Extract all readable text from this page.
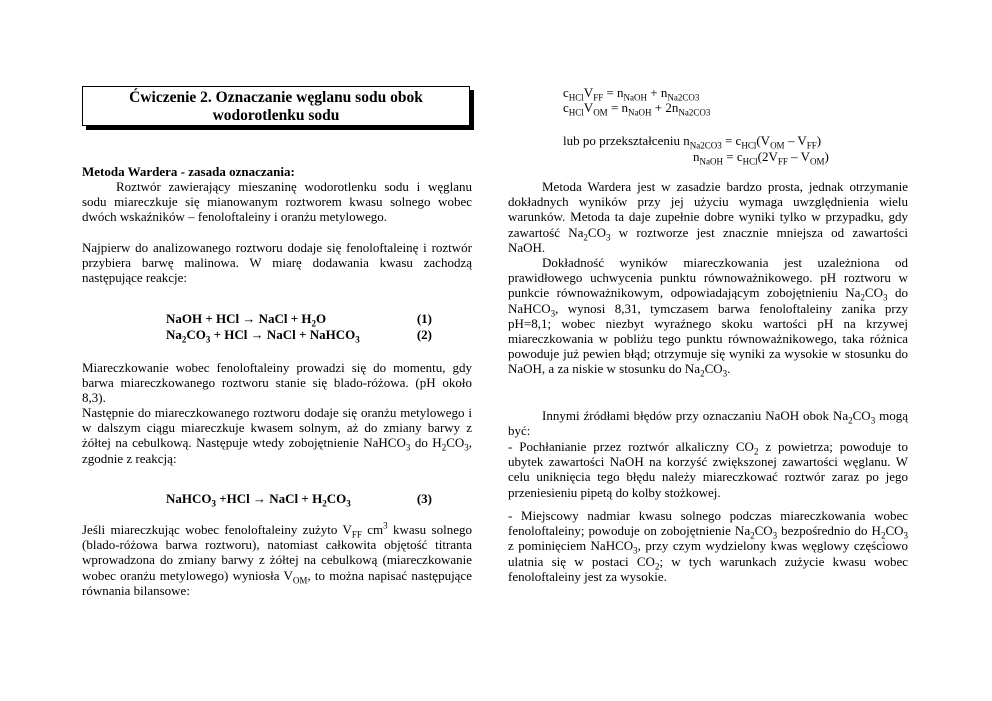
Ćwiczenie 2. Oznaczanie węglanu sodu obok
wodorotlenku sodu

Metoda Wardera - zasada oznaczania:

Roztwór zawierający mieszaninę wodorotlenku sodu i węglanu sodu miareczkuje się mianowanym roztworem kwasu solnego wobec dwóch wskaźników – fenoloftaleiny i oranżu metylowego.

Najpierw do analizowanego roztworu dodaje się fenoloftaleinę i roztwór przybiera barwę malinowa. W miarę dodawania kwasu zachodzą następujące reakcje:

NaOH + HCl → NaCl + $H_2O$	(1)
$Na_2CO_3$ + HCl → NaCl + NaHCO$_3$	(2)

Miareczkowanie wobec fenoloftaleiny prowadzi się do momentu, gdy barwa miareczkowanego roztworu stanie się blado-różowa. (pH około 8,3).

Następnie do miareczkowanego roztworu dodaje się oranżu metylowego i w dalszym ciągu miareczkuje kwasem solnym, aż do zmiany barwy z żółtej na cebulkową. Następuje wtedy zobojętnienie NaHCO$_3$ do $H_2CO_3$, zgodnie z reakcją:

NaHCO$_3$ +HCl → NaCl + $H_2CO_3$	(3)

Jeśli miareczkując wobec fenoloftaleiny zużyto $V_{FF}$ $cm^3$ kwasu solnego (blado-różowa barwa roztworu), natomiast całkowita objętość titranta wprowadzona do zmiany barwy z żółtej na cebulkową (miareczkowanie wobec oranżu metylowego) wyniosła $V_{OM}$, to można napisać następujące równania bilansowe:

$c_{HCl}V_{FF} = n_{NaOH} + n_{Na2CO3}$

$c_{HCl}V_{OM} = n_{NaOH} + 2n_{Na2CO3}$

lub po przekształceniu $n_{Na2CO3} = c_{HCl}(V_{OM} - V_{FF})$

$n_{NaOH} = c_{HCl}(2V_{FF} - V_{OM})$

Metoda Wardera jest w zasadzie bardzo prosta, jednak otrzymanie dokładnych wyników przy jej użyciu wymaga uwzględnienia wielu warunków. Metoda ta daje zupełnie dobre wyniki tylko w przypadku, gdy zawartość $Na_2CO_3$ w roztworze jest znacznie mniejsza od zawartości NaOH.

Dokładność wyników miareczkowania jest uzależniona od prawidłowego uchwycenia punktu równoważnikowego. pH roztworu w punkcie równoważnikowym, odpowiadającym zobojętnieniu $Na_2CO_3$ do NaHCO$_3$, wynosi 8,31, tymczasem barwa fenoloftaleiny zanika przy pH=8,1; wobec niezbyt wyraźnego skoku wartości pH na krzywej miareczkowania w pobliżu tego punktu równoważnikowego, taka różnica powoduje już pewien błąd; otrzymuje się wyniki za wysokie w stosunku do NaOH, a za niskie w stosunku do $Na_2CO_3$.

Innymi źródłami błędów przy oznaczaniu NaOH obok $Na_2CO_3$ mogą być:

- Pochłanianie przez roztwór alkaliczny $CO_2$ z powietrza; powoduje to ubytek zawartości NaOH na korzyść zwiększonej zawartości węglanu. W celu uniknięcia tego błędu należy miareczkować roztwór zaraz po jego przeniesieniu pipetą do kolby stożkowej.

- Miejscowy nadmiar kwasu solnego podczas miareczkowania wobec fenoloftaleiny; powoduje on zobojętnienie $Na_2CO_3$ bezpośrednio do $H_2CO_3$ z pominięciem NaHCO$_3$, przy czym wydzielony kwas węglowy częściowo ulatnia się w postaci $CO_2$; w tych warunkach zużycie kwasu wobec fenoloftaleiny jest za wysokie.
